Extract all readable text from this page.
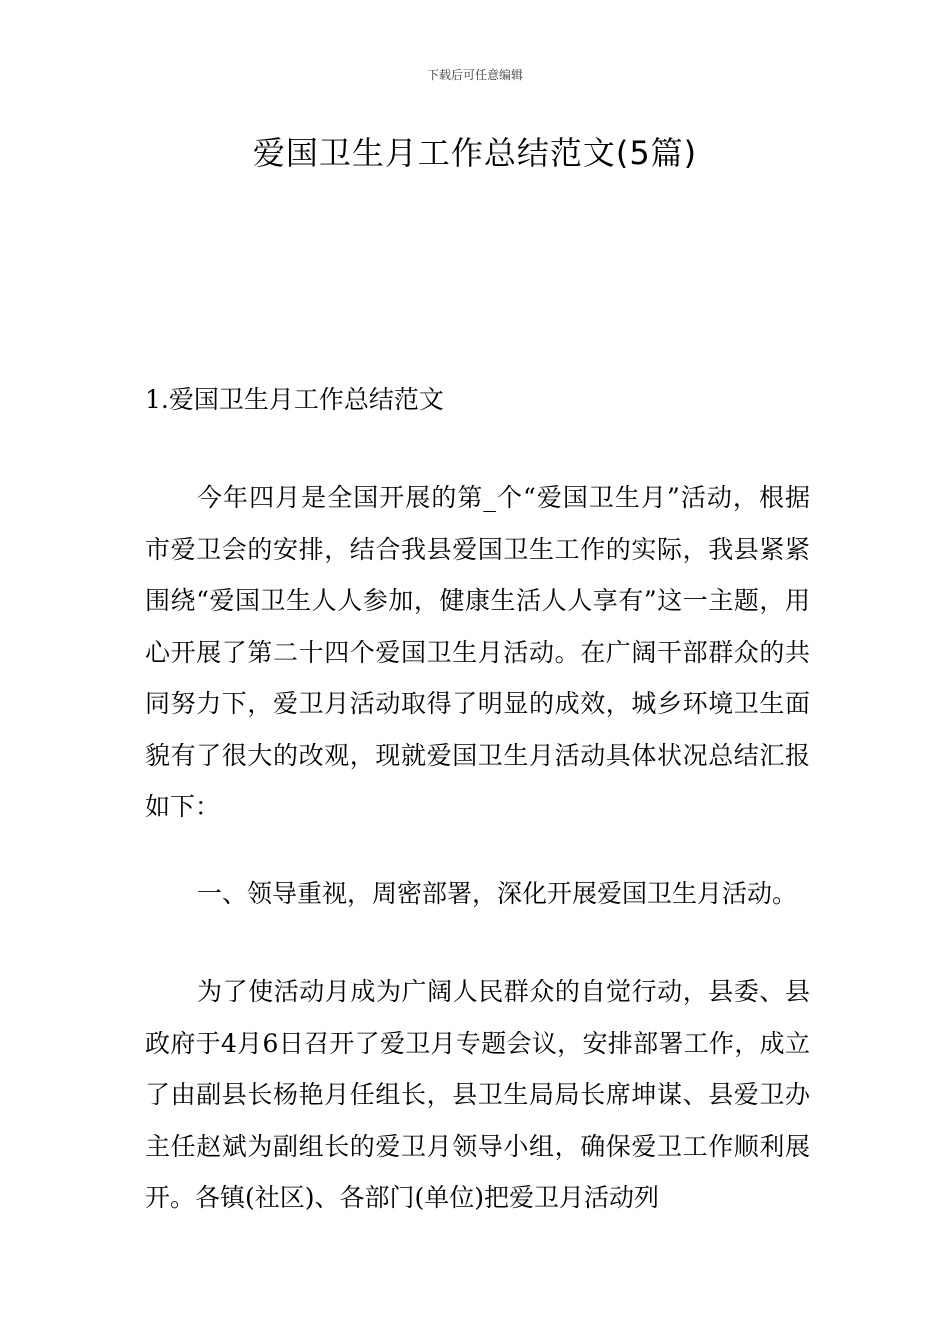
下载后可任意编辑
爱国卫生月工作总结范文(5篇)
1.爱国卫生月工作总结范文

今年四月是全国开展的第_个“爱国卫生月”活动，根据市爱卫会的安排，结合我县爱国卫生工作的实际，我县紧紧围绕“爱国卫生人人参加，健康生活人人享有”这一主题，用心开展了第二十四个爱国卫生月活动。在广阔干部群众的共同努力下，爱卫月活动取得了明显的成效，城乡环境卫生面貌有了很大的改观，现就爱国卫生月活动具体状况总结汇报如下：

一、领导重视，周密部署，深化开展爱国卫生月活动。

为了使活动月成为广阔人民群众的自觉行动，县委、县政府于4月6日召开了爱卫月专题会议，安排部署工作，成立了由副县长杨艳月任组长，县卫生局局长席坤谋、县爱卫办主任赵斌为副组长的爱卫月领导小组，确保爱卫工作顺利展开。各镇(社区)、各部门(单位)把爱卫月活动列
